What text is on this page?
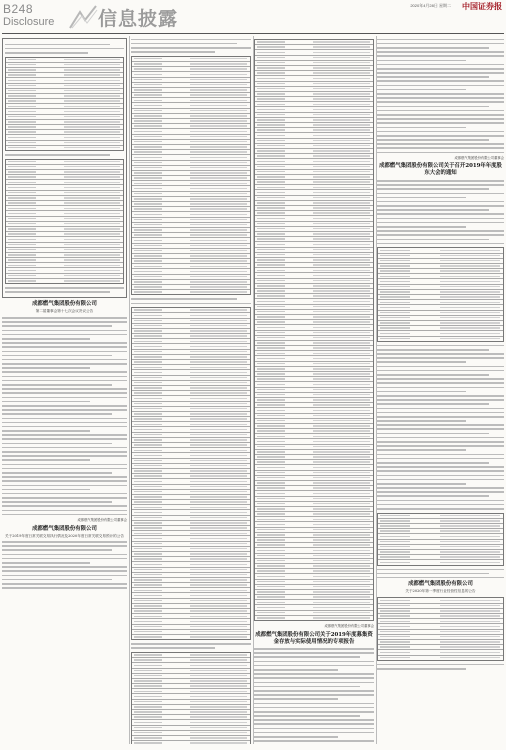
B248
Disclosure 信息披露
2020年4月28日 星期二 中国证券报
成都燃气集团股份有限公司
第二届董事会第十七次会议决议公告
成都燃气集团股份有限公司董事会
成都燃气集团股份有限公司
关于2019年度日常关联交易执行情况及2020年度日常关联交易预计的公告
成都燃气集团股份有限公司董事会
成都燃气集团股份有限公司关于2019年度募集资金存放与实际使用情况的专项报告
成都燃气集团股份有限公司董事会
成都燃气集团股份有限公司关于召开2019年年度股东大会的通知
成都燃气集团股份有限公司
关于2020年第一季度行业经营性信息的公告
